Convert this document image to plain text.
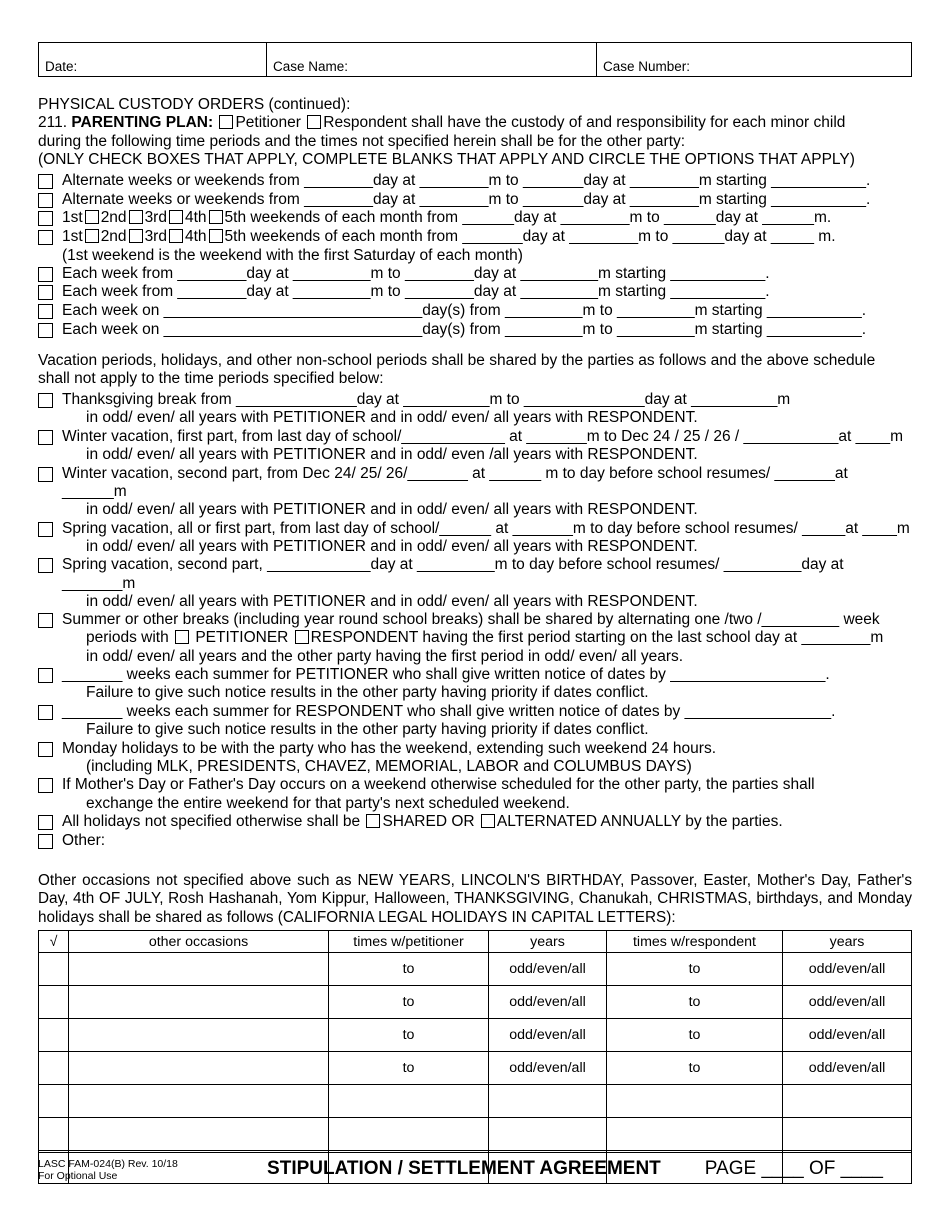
Date:	Case Name:	Case Number:
PHYSICAL CUSTODY ORDERS (continued):
211. PARENTING PLAN: Petitioner Respondent shall have the custody of and responsibility for each minor child
during the following time periods and the times not specified herein shall be for the other party:
(ONLY CHECK BOXES THAT APPLY, COMPLETE BLANKS THAT APPLY AND CIRCLE THE OPTIONS THAT APPLY)
Alternate weeks or weekends from ________day at ________m to _______day at ________m starting ___________.
Alternate weeks or weekends from ________day at ________m to _______day at ________m starting ___________.
1st 2nd 3rd 4th 5th weekends of each month from ______day at ________m to ______day at ______m.
1st 2nd 3rd 4th 5th weekends of each month from _______day at ________m to ______day at _____ m.
(1st weekend is the weekend with the first Saturday of each month)
Each week from ________day at _________m to ________day at _________m starting ___________.
Each week from ________day at _________m to ________day at _________m starting ___________.
Each week on ______________________________day(s) from _________m to _________m starting ___________.
Each week on ______________________________day(s) from _________m to _________m starting ___________.
Vacation periods, holidays, and other non-school periods shall be shared by the parties as follows and the above schedule
shall not apply to the time periods specified below:
Thanksgiving break from ______________day at __________m to ______________day at __________m
in odd/ even/ all years with PETITIONER and in odd/ even/ all years with RESPONDENT.
Winter vacation, first part, from last day of school/____________ at _______m to Dec 24 / 25 / 26 / ___________at ____m
in odd/ even/ all years with PETITIONER and in odd/ even /all years with RESPONDENT.
Winter vacation, second part, from Dec 24/ 25/ 26/_______ at ______ m to day before school resumes/ _______at ______m
in odd/ even/ all years with PETITIONER and in odd/ even/ all years with RESPONDENT.
Spring vacation, all or first part, from last day of school/______ at _______m to day before school resumes/ _____at ____m
in odd/ even/ all years with PETITIONER and in odd/ even/ all years with RESPONDENT.
Spring vacation, second part, ____________day at _________m to day before school resumes/ _________day at _______m
in odd/ even/ all years with PETITIONER and in odd/ even/ all years with RESPONDENT.
Summer or other breaks (including year round school breaks) shall be shared by alternating one /two /_________ week
periods with PETITIONER RESPONDENT having the first period starting on the last school day at ________m
in odd/ even/ all years and the other party having the first period in odd/ even/ all years.
_______ weeks each summer for PETITIONER who shall give written notice of dates by __________________.
Failure to give such notice results in the other party having priority if dates conflict.
_______ weeks each summer for RESPONDENT who shall give written notice of dates by _________________.
Failure to give such notice results in the other party having priority if dates conflict.
Monday holidays to be with the party who has the weekend, extending such weekend 24 hours.
(including MLK, PRESIDENTS, CHAVEZ, MEMORIAL, LABOR and COLUMBUS DAYS)
If Mother's Day or Father's Day occurs on a weekend otherwise scheduled for the other party, the parties shall
exchange the entire weekend for that party's next scheduled weekend.
All holidays not specified otherwise shall be SHARED OR ALTERNATED ANNUALLY by the parties.
Other:
Other occasions not specified above such as NEW YEARS, LINCOLN'S BIRTHDAY, Passover, Easter, Mother's Day, Father's Day, 4th OF JULY, Rosh Hashanah, Yom Kippur, Halloween, THANKSGIVING, Chanukah, CHRISTMAS, birthdays, and Monday holidays shall be shared as follows (CALIFORNIA LEGAL HOLIDAYS IN CAPITAL LETTERS):
√	other occasions	times w/petitioner	years	times w/respondent	years
		to	odd/even/all	to	odd/even/all
		to	odd/even/all	to	odd/even/all
		to	odd/even/all	to	odd/even/all
		to	odd/even/all	to	odd/even/all

LASC FAM-024(B) Rev. 10/18
For Optional Use	STIPULATION / SETTLEMENT AGREEMENT PAGE ____ OF ____
